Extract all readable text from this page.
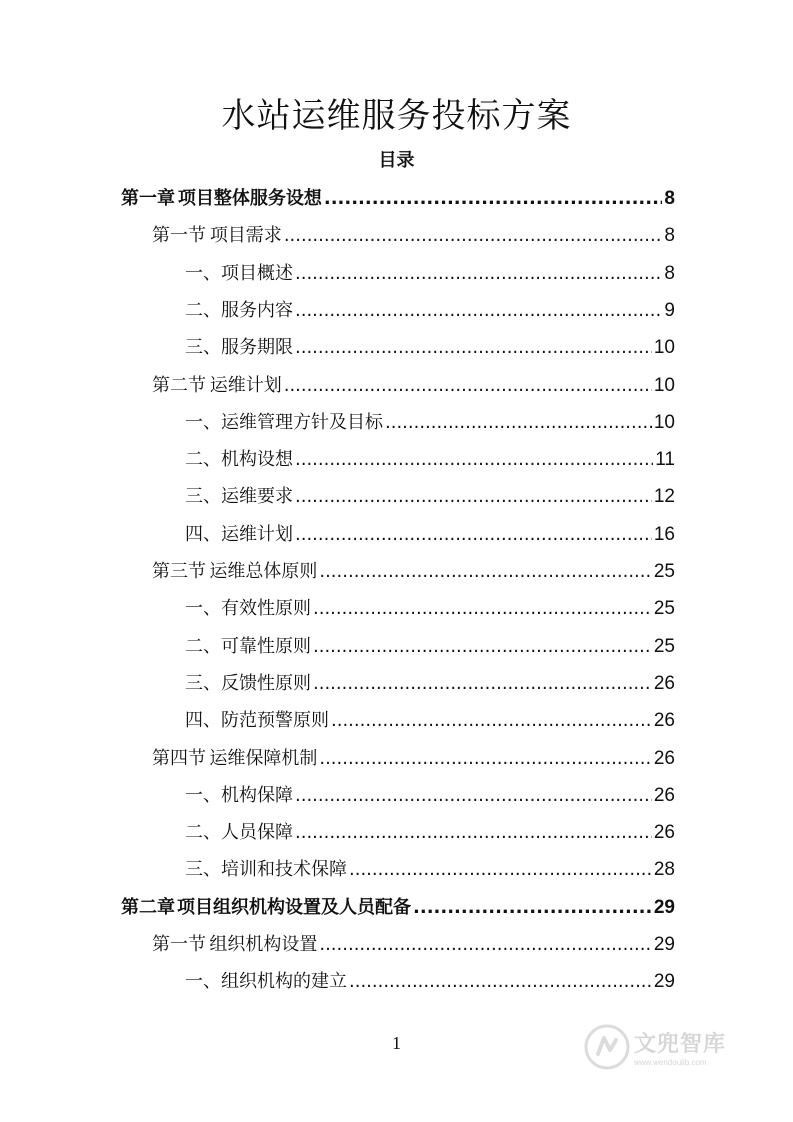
水站运维服务投标方案
目录
第一章 项目整体服务设想 .....	8
第一节 项目需求 .....	8
一、 项目概述 .....	8
二、 服务内容 .....	9
三、 服务期限 .....	10
第二节 运维计划 .....	10
一、 运维管理方针及目标 .....	10
二、 机构设想 .....	11
三、 运维要求 .....	12
四、 运维计划 .....	16
第三节 运维总体原则 .....	25
一、 有效性原则 .....	25
二、 可靠性原则 .....	25
三、 反馈性原则 .....	26
四、 防范预警原则 .....	26
第四节 运维保障机制 .....	26
一、 机构保障 .....	26
二、 人员保障 .....	26
三、 培训和技术保障 .....	28
第二章 项目组织机构设置及人员配备 .....	29
第一节 组织机构设置 .....	29
一、 组织机构的建立 .....	29
1	文兜智库
www.wendoulib.com
